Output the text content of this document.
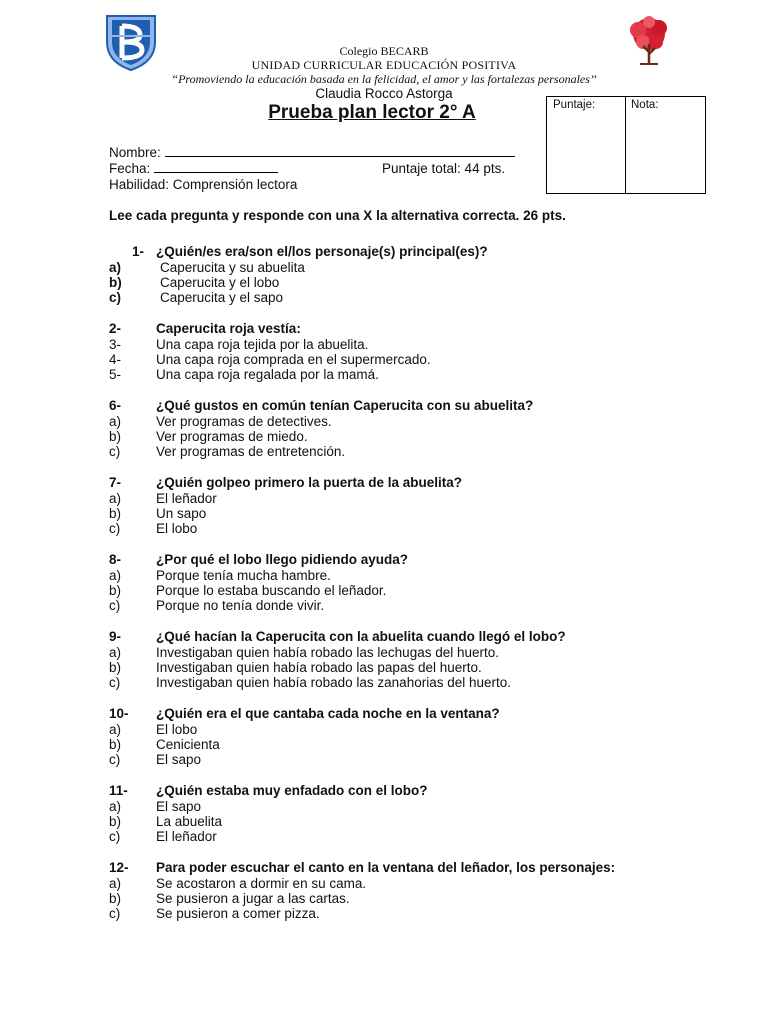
Colegio BECARB
UNIDAD CURRICULAR EDUCACIÓN POSITIVA
“Promoviendo la educación basada en la felicidad, el amor y las fortalezas personales’’
Claudia Rocco Astorga
Prueba plan lector 2° A	Puntaje:	Nota:
Nombre:
Fecha:	Puntaje total: 44 pts.
Habilidad: Comprensión lectora
Lee cada pregunta y responde con una X la alternativa correcta. 26 pts.
1- ¿Quién/es era/son el/los personaje(s) principal(es)?
a)	Caperucita y su abuelita
b)	Caperucita y el lobo
c)	Caperucita y el sapo
2-	Caperucita roja vestía:
3-	Una capa roja tejida por la abuelita.
4-	Una capa roja comprada en el supermercado.
5-	Una capa roja regalada por la mamá.
6-	¿Qué gustos en común tenían Caperucita con su abuelita?
a)	Ver programas de detectives.
b)	Ver programas de miedo.
c)	Ver programas de entretención.
7-	¿Quién golpeo primero la puerta de la abuelita?
a)	El leñador
b)	Un sapo
c)	El lobo
8-	¿Por qué el lobo llego pidiendo ayuda?
a)	Porque tenía mucha hambre.
b)	Porque lo estaba buscando el leñador.
c)	Porque no tenía donde vivir.
9-	¿Qué hacían la Caperucita con la abuelita cuando llegó el lobo?
a)	Investigaban quien había robado las lechugas del huerto.
b)	Investigaban quien había robado las papas del huerto.
c)	Investigaban quien había robado las zanahorias del huerto.
10- ¿Quién era el que cantaba cada noche en la ventana?
a)	El lobo
b)	Cenicienta
c)	El sapo
11- ¿Quién estaba muy enfadado con el lobo?
a)	El sapo
b)	La abuelita
c)	El leñador
12- Para poder escuchar el canto en la ventana del leñador, los personajes:
a)	Se acostaron a dormir en su cama.
b)	Se pusieron a jugar a las cartas.
c)	Se pusieron a comer pizza.
